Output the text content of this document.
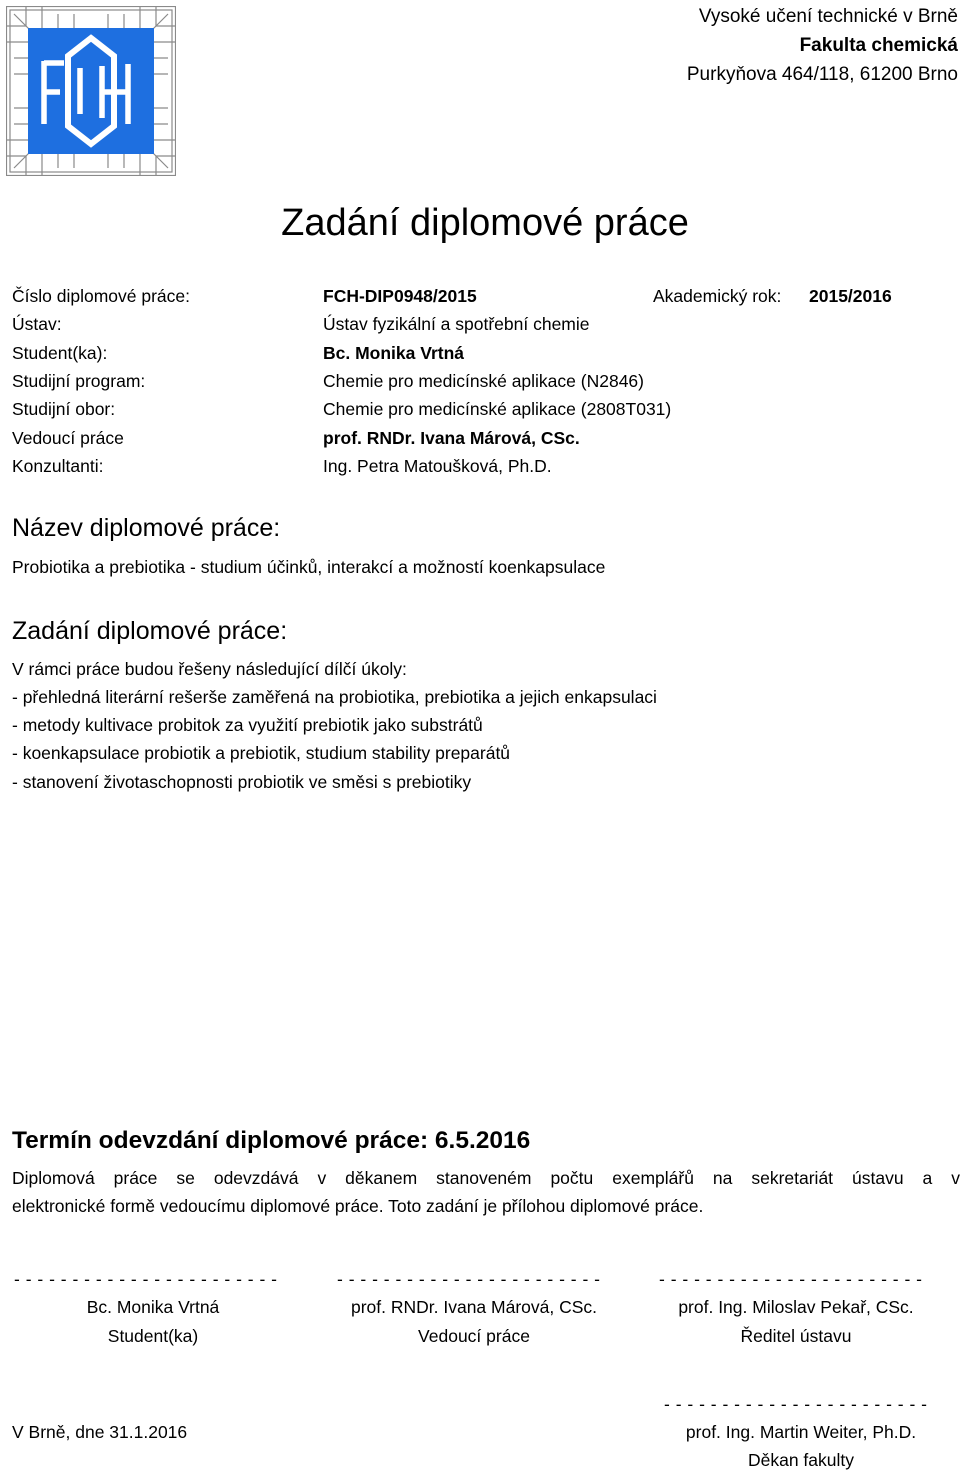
Vysoké učení technické v Brně
Fakulta chemická
Purkyňova 464/118, 61200 Brno
Zadání diplomové práce
Číslo diplomové práce:	FCH-DIP0948/2015	Akademický rok: 2015/2016
Ústav:	Ústav fyzikální a spotřební chemie
Student(ka):	Bc. Monika Vrtná
Studijní program:	Chemie pro medicínské aplikace (N2846)
Studijní obor:	Chemie pro medicínské aplikace (2808T031)
Vedoucí práce	prof. RNDr. Ivana Márová, CSc.
Konzultanti:	Ing. Petra Matoušková, Ph.D.
Název diplomové práce:
Probiotika a prebiotika - studium účinků, interakcí a možností koenkapsulace
Zadání diplomové práce:
V rámci práce budou řešeny následující dílčí úkoly:
- přehledná literární rešerše zaměřená na probiotika, prebiotika a jejich enkapsulaci
- metody kultivace probitok za využití prebiotik jako substrátů
- koenkapsulace probiotik a prebiotik, studium stability preparátů
- stanovení životaschopnosti probiotik ve směsi s prebiotiky
Termín odevzdání diplomové práce: 6.5.2016
Diplomová práce se odevzdává v děkanem stanoveném počtu exemplářů na sekretariát ústavu a v
elektronické formě vedoucímu diplomové práce. Toto zadání je přílohou diplomové práce.
- - - - - - - - - - - - - - - - - - - - - - -	- - - - - - - - - - - - - - - - - - - - - - -	- - - - - - - - - - - - - - - - - - - - - - -
Bc. Monika Vrtná	prof. RNDr. Ivana Márová, CSc.	prof. Ing. Miloslav Pekař, CSc.
Student(ka)	Vedoucí práce	Ředitel ústavu
- - - - - - - - - - - - - - - - - - - - - - -
prof. Ing. Martin Weiter, Ph.D.
Děkan fakulty
V Brně, dne 31.1.2016
